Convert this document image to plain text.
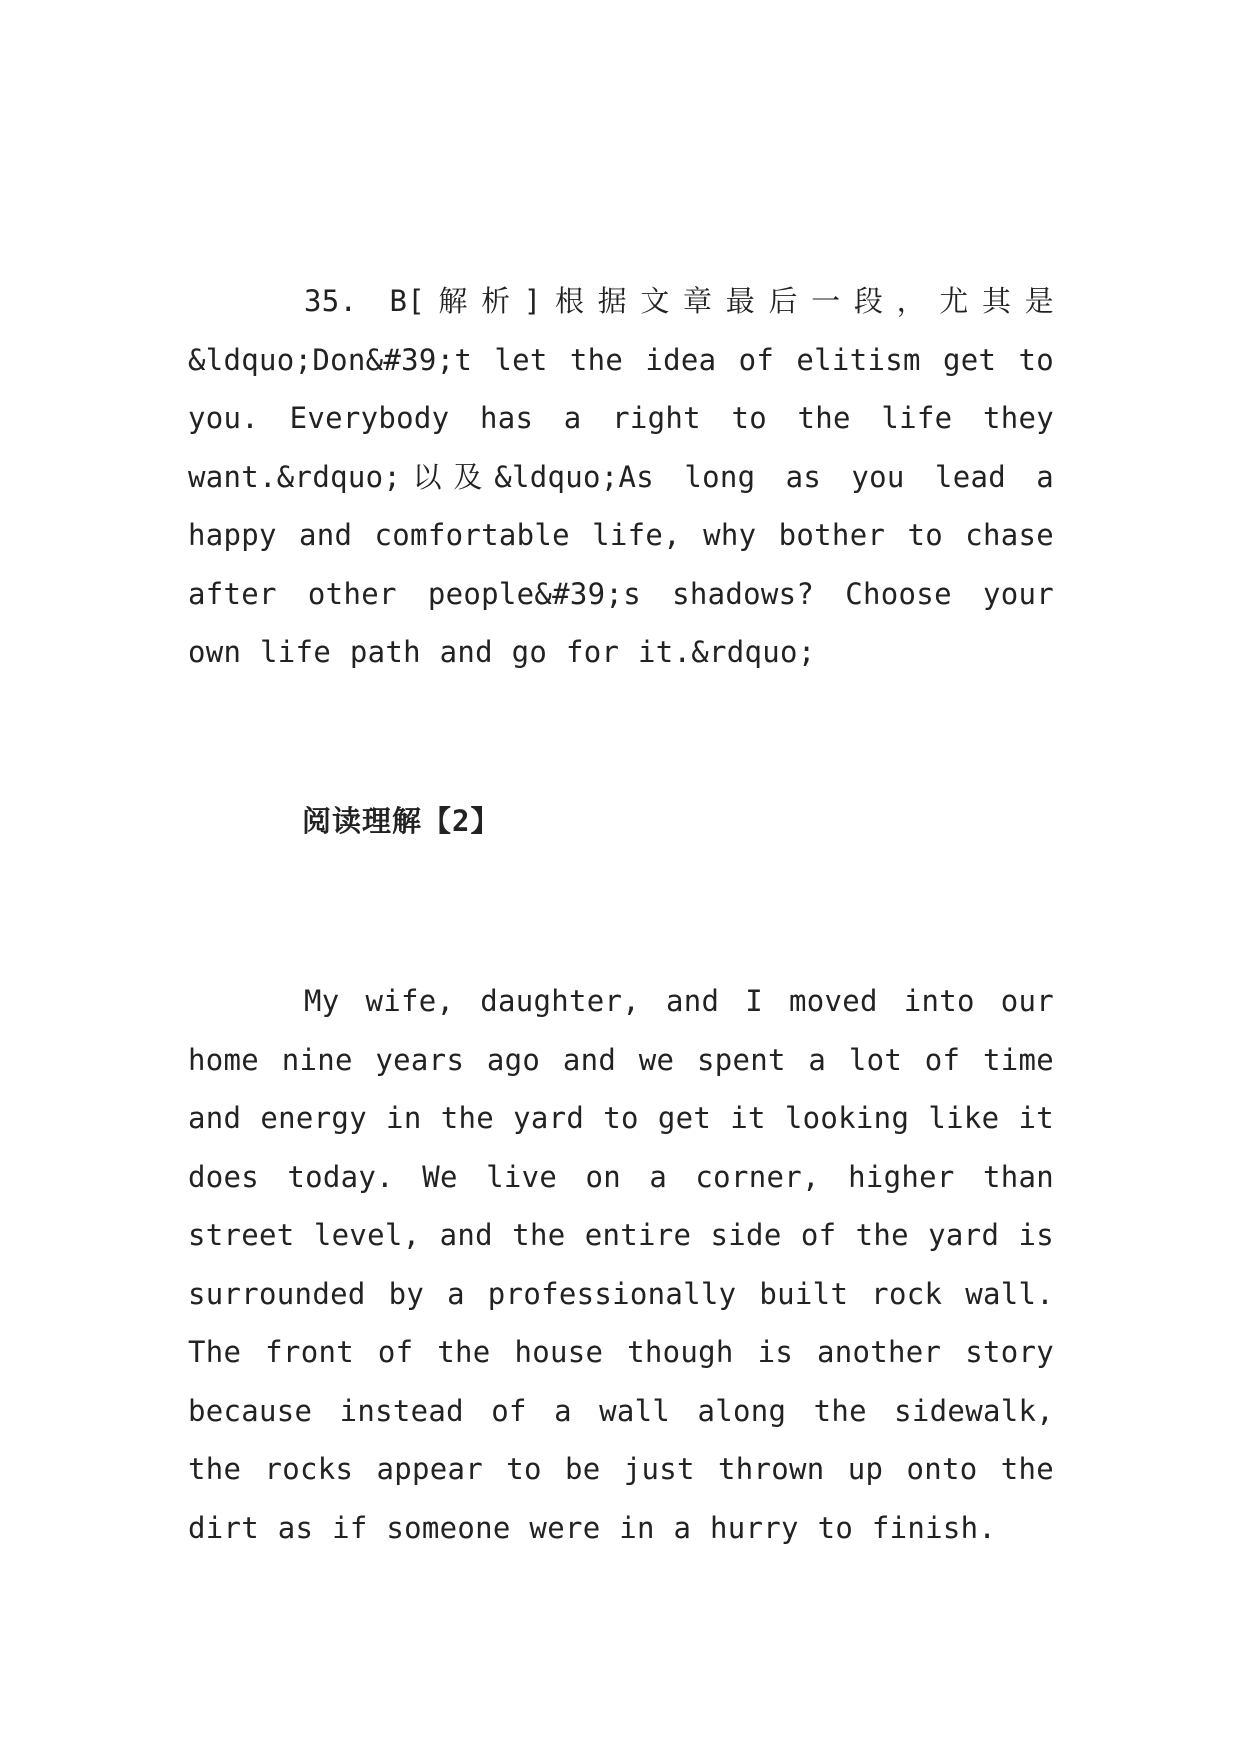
35. B[解析]根据文章最后一段，尤其是&ldquo;Don&#39;t let the idea of elitism get to you. Everybody has a right to the life they want.&rdquo;以及&ldquo;As long as you lead a happy and comfortable life, why bother to chase after other people&#39;s shadows? Choose your own life path and go for it.&rdquo;

阅读理解【2】

My wife, daughter, and I moved into our home nine years ago and we spent a lot of time and energy in the yard to get it looking like it does today. We live on a corner, higher than street level, and the entire side of the yard is surrounded by a professionally built rock wall. The front of the house though is another story because instead of a wall along the sidewalk, the rocks appear to be just thrown up onto the dirt as if someone were in a hurry to finish.
